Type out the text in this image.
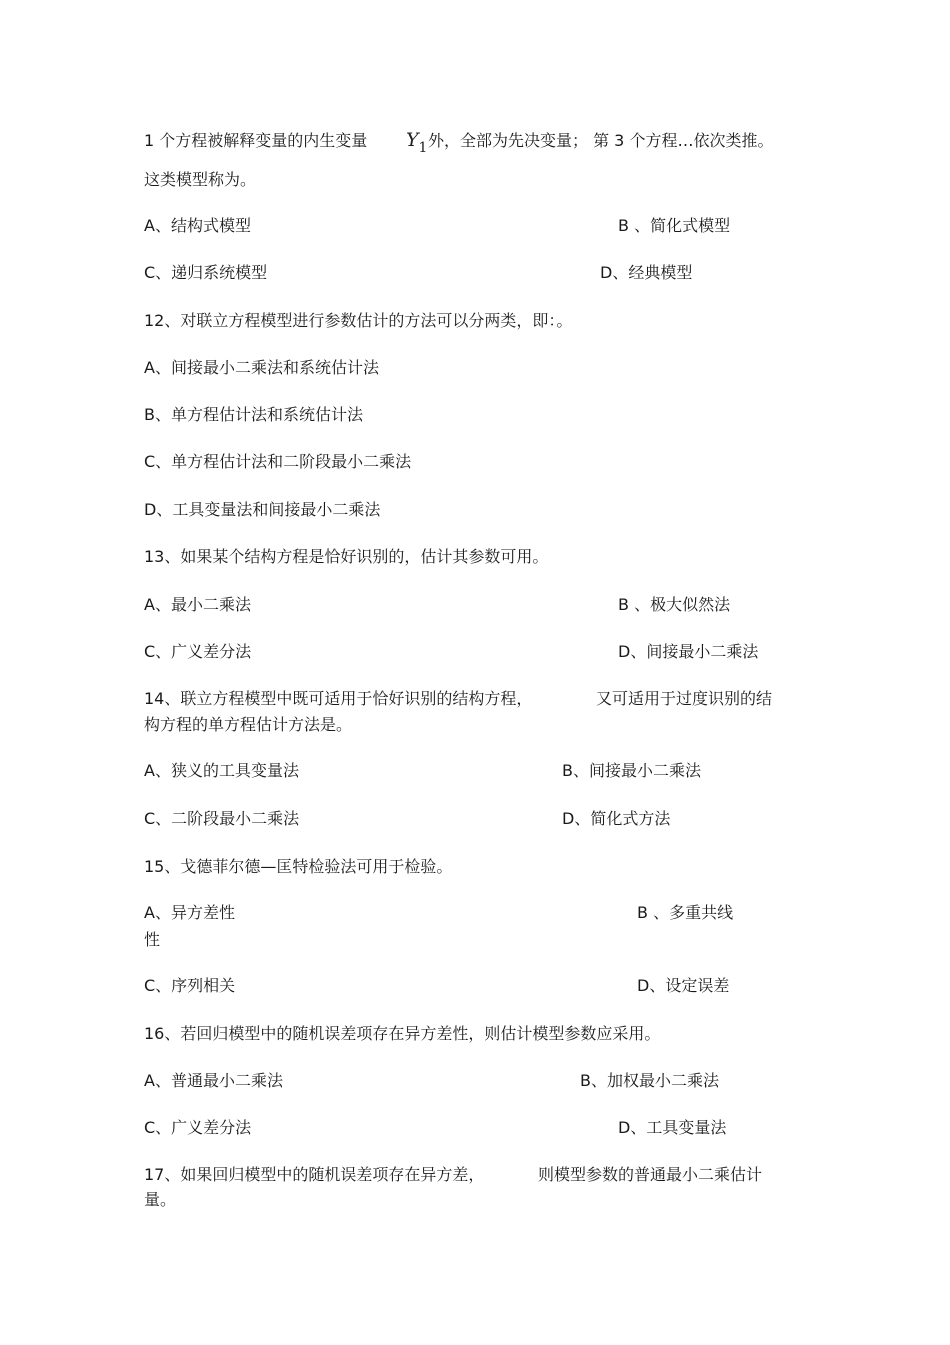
1 个方程被解释变量的内生变量 $Y_1$ 外，全部为先决变量； 第 3 个方程…依次类推。
这类模型称为。
A、结构式模型	B 、简化式模型
C、递归系统模型	D、经典模型
12、对联立方程模型进行参数估计的方法可以分两类，即：。
A、间接最小二乘法和系统估计法
B、单方程估计法和系统估计法
C、单方程估计法和二阶段最小二乘法
D、工具变量法和间接最小二乘法
13、如果某个结构方程是恰好识别的，估计其参数可用。
A、最小二乘法	B 、极大似然法
C、广义差分法	D、间接最小二乘法
14、联立方程模型中既可适用于恰好识别的结构方程，	又可适用于过度识别的结
构方程的单方程估计方法是。
A、狭义的工具变量法	B、间接最小二乘法
C、二阶段最小二乘法	D、简化式方法
15、戈德菲尔德—匡特检验法可用于检验。
A、异方差性	B 、多重共线
性
C、序列相关	D、设定误差
16、若回归模型中的随机误差项存在异方差性，则估计模型参数应采用。
A、普通最小二乘法	B、加权最小二乘法
C、广义差分法	D、工具变量法
17、如果回归模型中的随机误差项存在异方差，	则模型参数的普通最小二乘估计
量。
